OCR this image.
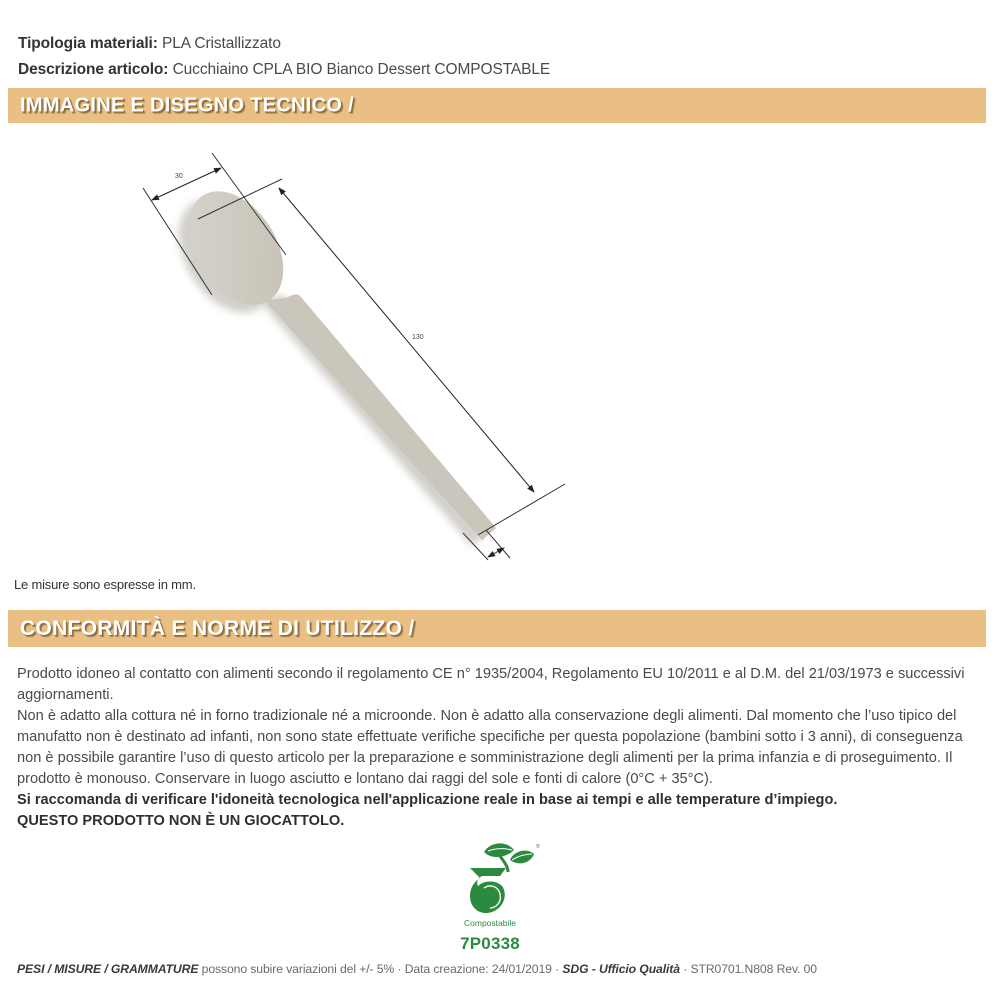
Tipologia materiali: PLA Cristallizzato
Descrizione articolo: Cucchiaino CPLA BIO Bianco Dessert COMPOSTABLE
IMMAGINE E DISEGNO TECNICO /
30
130
Le misure sono espresse in mm.
CONFORMITÀ E NORME DI UTILIZZO /

Prodotto idoneo al contatto con alimenti secondo il regolamento CE n° 1935/2004, Regolamento EU 10/2011 e al D.M. del 21/03/1973 e successivi aggiornamenti.

Non è adatto alla cottura né in forno tradizionale né a microonde. Non è adatto alla conservazione degli alimenti. Dal momento che l’uso tipico del manufatto non è destinato ad infanti, non sono state effettuate verifiche specifiche per questa popolazione (bambini sotto i 3 anni), di conseguenza non è possibile garantire l’uso di questo articolo per la preparazione e somministrazione degli alimenti per la prima infanzia e di proseguimento. Il prodotto è monouso. Conservare in luogo asciutto e lontano dai raggi del sole e fonti di calore (0°C + 35°C).

Si raccomanda di verificare l'idoneità tecnologica nell'applicazione reale in base ai tempi e alle temperature d’impiego.

QUESTO PRODOTTO NON È UN GIOCATTOLO.

®
Compostabile
7P0338
PESI / MISURE / GRAMMATURE possono subire variazioni del +/- 5% · Data creazione: 24/01/2019 · SDG - Ufficio Qualità · STR0701.N808 Rev. 00
